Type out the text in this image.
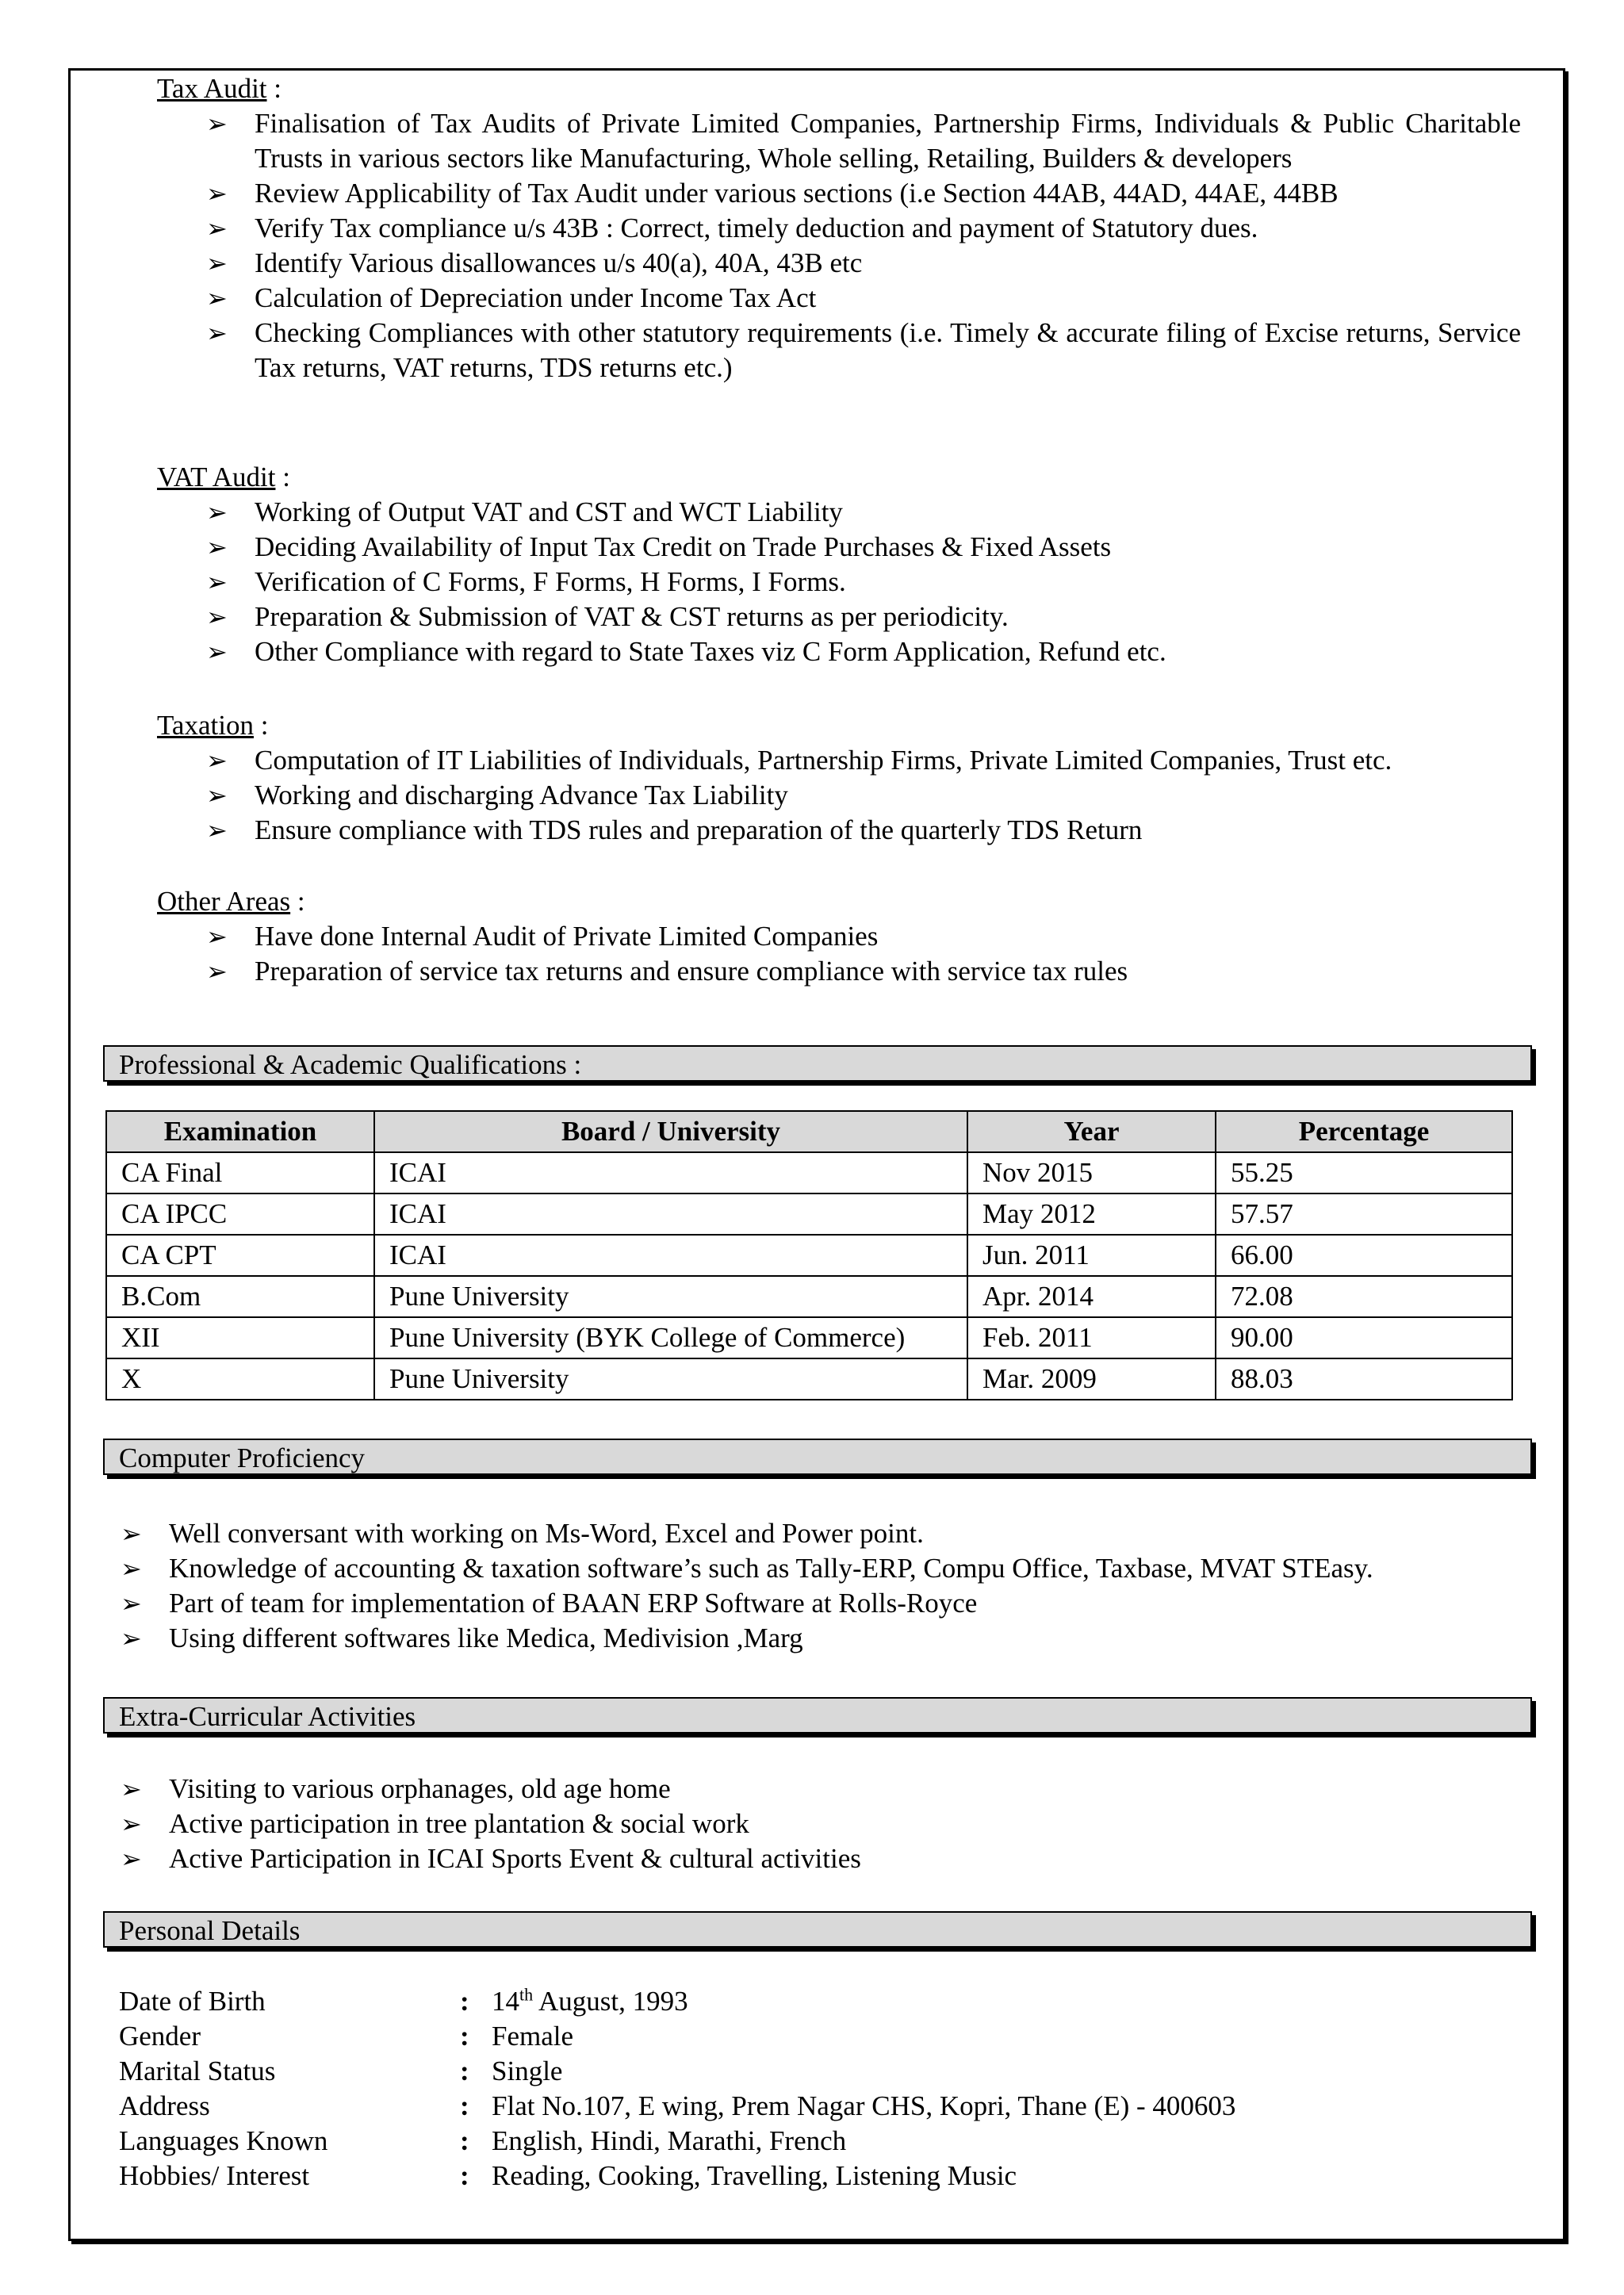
Tax Audit :
➢ Finalisation of Tax Audits of Private Limited Companies, Partnership Firms, Individuals & Public Charitable Trusts in various sectors like Manufacturing, Whole selling, Retailing, Builders & developers
➢ Review Applicability of Tax Audit under various sections (i.e Section 44AB, 44AD, 44AE, 44BB
➢ Verify Tax compliance u/s 43B : Correct, timely deduction and payment of Statutory dues.
➢ Identify Various disallowances u/s 40(a), 40A, 43B etc
➢ Calculation of Depreciation under Income Tax Act
➢ Checking Compliances with other statutory requirements (i.e. Timely & accurate filing of Excise returns, Service Tax returns, VAT returns, TDS returns etc.)
VAT Audit :
➢ Working of Output VAT and CST and WCT Liability
➢ Deciding Availability of Input Tax Credit on Trade Purchases & Fixed Assets
➢ Verification of C Forms, F Forms, H Forms, I Forms.
➢ Preparation & Submission of VAT & CST returns as per periodicity.
➢ Other Compliance with regard to State Taxes viz C Form Application, Refund etc.
Taxation :
➢ Computation of IT Liabilities of Individuals, Partnership Firms, Private Limited Companies, Trust etc.
➢ Working and discharging Advance Tax Liability
➢ Ensure compliance with TDS rules and preparation of the quarterly TDS Return
Other Areas :
➢ Have done Internal Audit of Private Limited Companies
➢ Preparation of service tax returns and ensure compliance with service tax rules
Professional & Academic Qualifications :
Examination	Board / University	Year	Percentage
CA Final	ICAI	Nov 2015	55.25
CA IPCC	ICAI	May 2012	57.57
CA CPT	ICAI	Jun. 2011	66.00
B.Com	Pune University	Apr. 2014	72.08
XII	Pune University (BYK College of Commerce)	Feb. 2011	90.00
X	Pune University	Mar. 2009	88.03
Computer Proficiency
➢ Well conversant with working on Ms-Word, Excel and Power point.
➢ Knowledge of accounting & taxation software’s such as Tally-ERP, Compu Office, Taxbase, MVAT STEasy.
➢ Part of team for implementation of BAAN ERP Software at Rolls-Royce
➢ Using different softwares like Medica, Medivision ,Marg
Extra-Curricular Activities
➢ Visiting to various orphanages, old age home
➢ Active participation in tree plantation & social work
➢ Active Participation in ICAI Sports Event & cultural activities
Personal Details
Date of Birth	: 14th August, 1993
Gender	: Female
Marital Status	: Single
Address	: Flat No.107, E wing, Prem Nagar CHS, Kopri, Thane (E) - 400603
Languages Known	: English, Hindi, Marathi, French
Hobbies/ Interest	: Reading, Cooking, Travelling, Listening Music
